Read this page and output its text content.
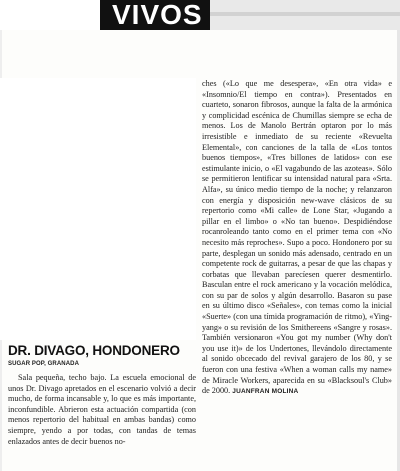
VIVOS
DR. DIVAGO, HONDONERO

SUGAR POP, GRANADA

Sala pequeña, techo bajo. La escuela emocional de unos Dr. Divago apretados en el escenario volvió a decir mucho, de forma incansable y, lo que es más importante, inconfundible. Abrieron esta actuación compartida (con menos repertorio del habitual en ambas bandas) como siempre, yendo a por todas, con tandas de temas enlazados antes de decir buenos no-

ches («Lo que me desespera», «En otra vida» e «Insomnio/El tiempo en contra»). Presentados en cuarteto, sonaron fibrosos, aunque la falta de la armónica y complicidad escénica de Chumillas siempre se echa de menos. Los de Manolo Bertrán optaron por lo más irresistible e inmediato de su reciente «Revuelta Elemental», con canciones de la talla de «Los tontos buenos tiempos», «Tres billones de latidos» con ese estimulante inicio, o «El vagabundo de las azoteas». Sólo se permitieron lentificar su intensidad natural para «Srta. Alfa», su único medio tiempo de la noche; y relanzaron con energía y disposición new-wave clásicos de su repertorio como «Mi calle» de Lone Star, «Jugando a pillar en el limbo» o «No tan bueno». Despidiéndose rocanroleando tanto como en el primer tema con «No necesito más reproches». Supo a poco. Hondonero por su parte, desplegan un sonido más adensado, centrado en un competente rock de guitarras, a pesar de que las chapas y corbatas que llevaban parecíesen querer desmentirlo. Basculan entre el rock americano y la vocación melódica, con su par de solos y algún desarrollo. Basaron su pase en su último disco «Señales», con temas como la inicial «Suerte» (con una tímida programación de ritmo), «Ying-yang» o su revisión de los Smithereens «Sangre y rosas». También versionaron «You got my number (Why don't you use it)» de los Undertones, llevándolo directamente al sonido obcecado del revival garajero de los 80, y se fueron con una festiva «When a woman calls my name» de Miracle Workers, aparecida en su «Blacksoul's Club» de 2000. JUANFRAN MOLINA
